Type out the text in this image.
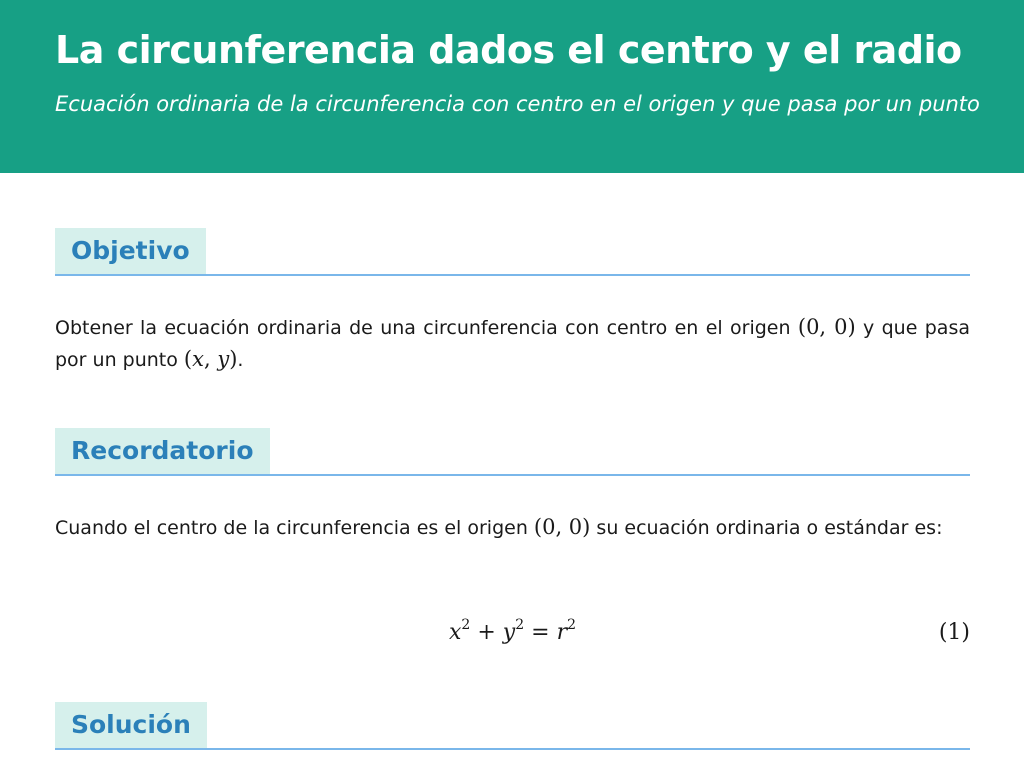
La circunferencia dados el centro y el radio

Ecuación ordinaria de la circunferencia con centro en el origen y que pasa por un punto

Objetivo

Obtener la ecuación ordinaria de una circunferencia con centro en el origen (0, 0) y que pasa por un punto (x, y).

Recordatorio

Cuando el centro de la circunferencia es el origen (0, 0) su ecuación ordinaria o estándar es:

$x^2 + y^2 = r^2$	(1)
Solución
